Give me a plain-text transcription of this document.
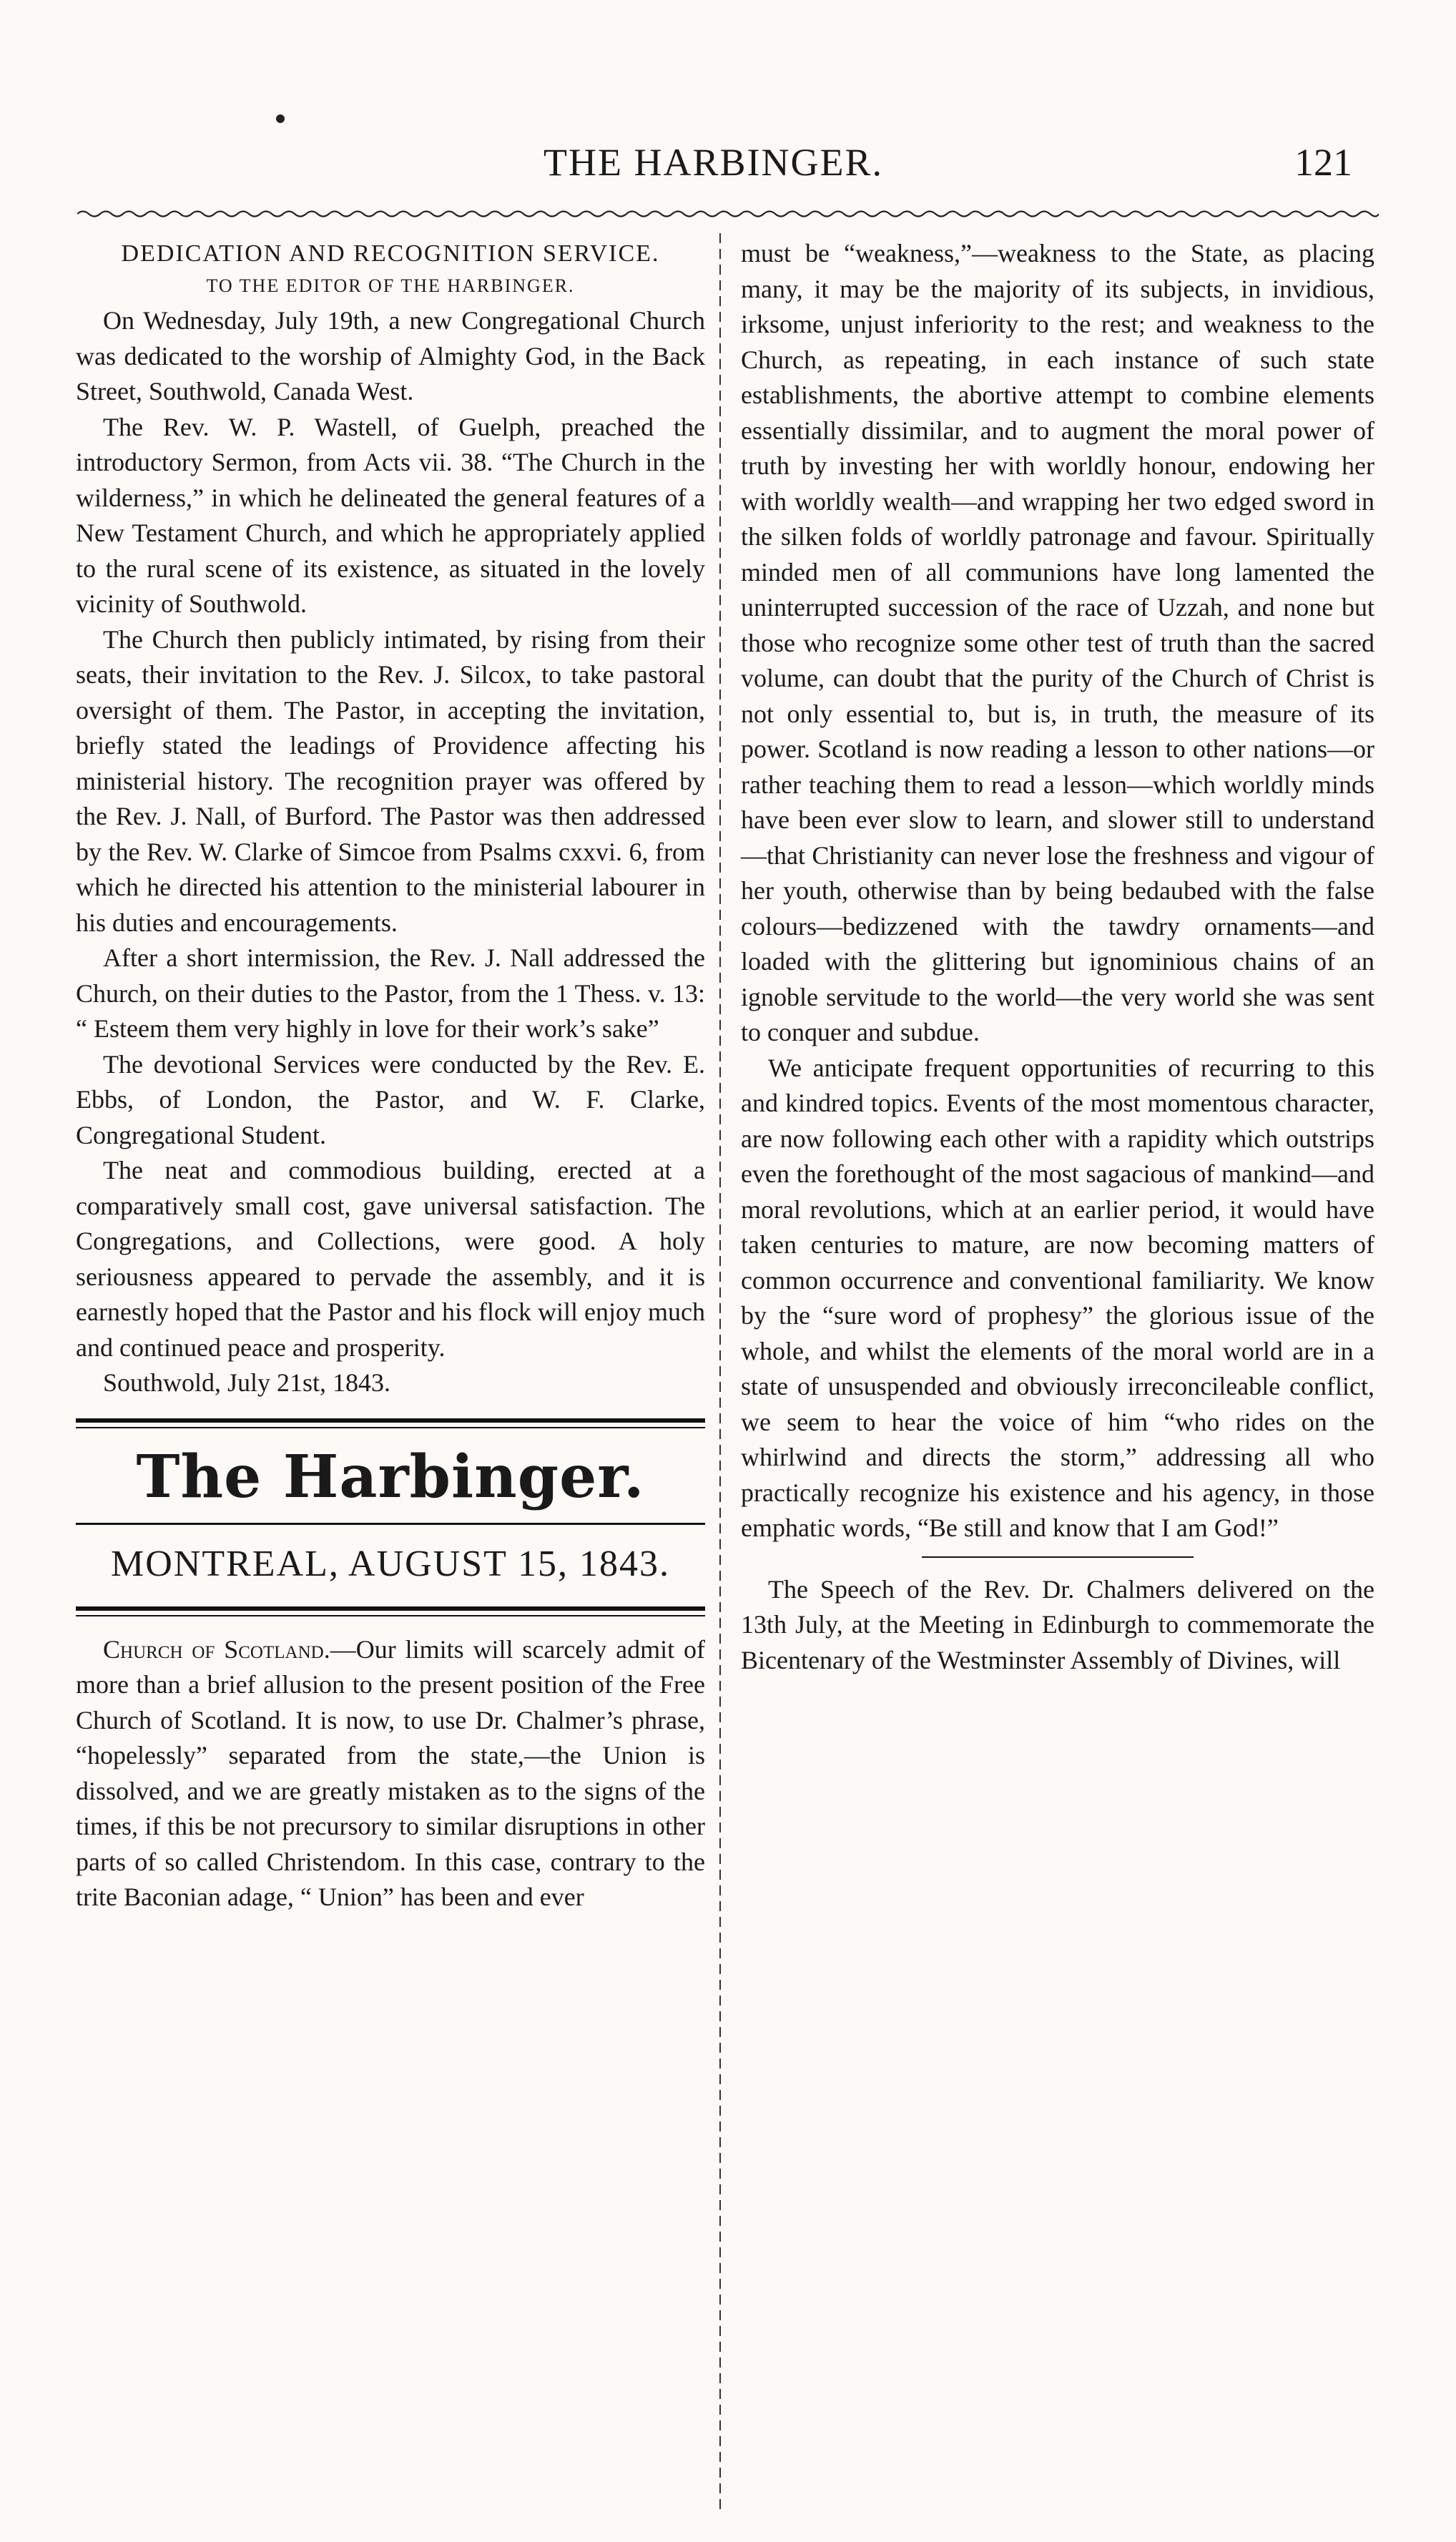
THE HARBINGER.	121
DEDICATION AND RECOGNITION SERVICE.
TO THE EDITOR OF THE HARBINGER.

On Wednesday, July 19th, a new Congregational Church was dedicated to the worship of Almighty God, in the Back Street, Southwold, Canada West.

The Rev. W. P. Wastell, of Guelph, preached the introductory Sermon, from Acts vii. 38. “The Church in the wilderness,” in which he delineated the general features of a New Testament Church, and which he appropriately applied to the rural scene of its existence, as situated in the lovely vicinity of Southwold.

The Church then publicly intimated, by rising from their seats, their invitation to the Rev. J. Silcox, to take pastoral oversight of them. The Pastor, in accepting the invitation, briefly stated the leadings of Providence affecting his ministerial history. The recognition prayer was offered by the Rev. J. Nall, of Burford. The Pastor was then addressed by the Rev. W. Clarke of Simcoe from Psalms cxxvi. 6, from which he directed his attention to the ministerial labourer in his duties and encouragements.

After a short intermission, the Rev. J. Nall addressed the Church, on their duties to the Pastor, from the 1 Thess. v. 13: “ Esteem them very highly in love for their work’s sake”

The devotional Services were conducted by the Rev. E. Ebbs, of London, the Pastor, and W. F. Clarke, Congregational Student.

The neat and commodious building, erected at a comparatively small cost, gave universal satisfaction. The Congregations, and Collections, were good. A holy seriousness appeared to pervade the assembly, and it is earnestly hoped that the Pastor and his flock will enjoy much and continued peace and prosperity.

Southwold, July 21st, 1843.

The Harbinger.
MONTREAL, AUGUST 15, 1843.

Church of Scotland.—Our limits will scarcely admit of more than a brief allusion to the present position of the Free Church of Scotland. It is now, to use Dr. Chalmer’s phrase, “hopelessly” separated from the state,—the Union is dissolved, and we are greatly mistaken as to the signs of the times, if this be not precursory to similar disruptions in other parts of so called Christendom. In this case, contrary to the trite Baconian adage, “ Union” has been and ever

must be “weakness,”—weakness to the State, as placing many, it may be the majority of its subjects, in invidious, irksome, unjust inferiority to the rest; and weakness to the Church, as repeating, in each instance of such state establishments, the abortive attempt to combine elements essentially dissimilar, and to augment the moral power of truth by investing her with worldly honour, endowing her with worldly wealth—and wrapping her two edged sword in the silken folds of worldly patronage and favour. Spiritually minded men of all communions have long lamented the uninterrupted succession of the race of Uzzah, and none but those who recognize some other test of truth than the sacred volume, can doubt that the purity of the Church of Christ is not only essential to, but is, in truth, the measure of its power. Scotland is now reading a lesson to other nations—or rather teaching them to read a lesson—which worldly minds have been ever slow to learn, and slower still to understand—that Christianity can never lose the freshness and vigour of her youth, otherwise than by being bedaubed with the false colours—bedizzened with the tawdry ornaments—and loaded with the glittering but ignominious chains of an ignoble servitude to the world—the very world she was sent to conquer and subdue.

We anticipate frequent opportunities of recurring to this and kindred topics. Events of the most momentous character, are now following each other with a rapidity which outstrips even the forethought of the most sagacious of mankind—and moral revolutions, which at an earlier period, it would have taken centuries to mature, are now becoming matters of common occurrence and conventional familiarity. We know by the “sure word of prophesy” the glorious issue of the whole, and whilst the elements of the moral world are in a state of unsuspended and obviously irreconcileable conflict, we seem to hear the voice of him “who rides on the whirlwind and directs the storm,” addressing all who practically recognize his existence and his agency, in those emphatic words, “Be still and know that I am God!”

The Speech of the Rev. Dr. Chalmers delivered on the 13th July, at the Meeting in Edinburgh to commemorate the Bicentenary of the Westminster Assembly of Divines, will
